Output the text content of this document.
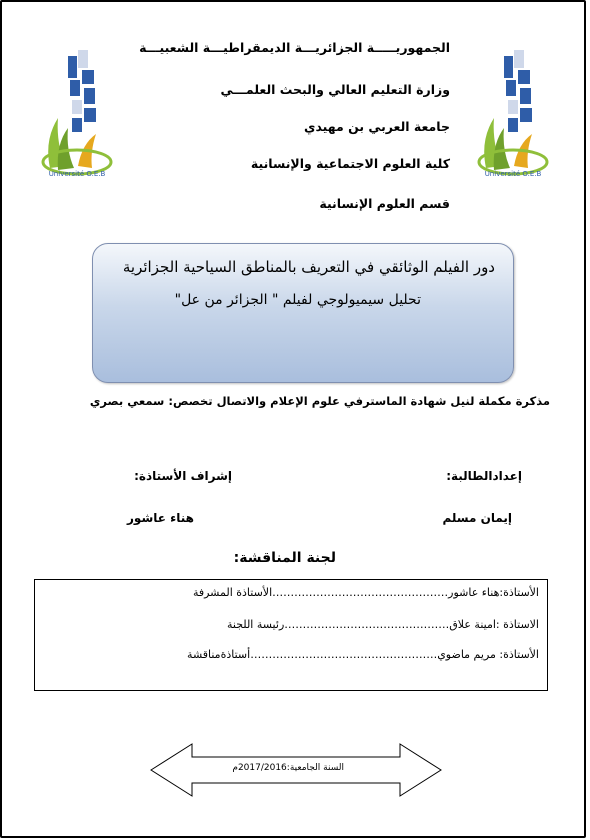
Université O.E.B	Université O.E.B
الجمهوريـــــة الجزائريـــة الديمقراطيـــة الشعبيـــة
وزارة التعليم العالي والبحث العلمـــي
جامعة العربي بن مهيدي
كلية العلوم الاجتماعية والإنسانية
قسم العلوم الإنسانية
دور الفيلم الوثائقي في التعريف بالمناطق السياحية الجزائرية
تحليل سيميولوجي لفيلم " الجزائر من عل"
مذكرة مكملة لنيل شهادة الماسترفي علوم الإعلام والاتصال تخصص: سمعي بصري
إعدادالطالبة:
إشراف الأستاذة:
إيمان مسلم
هناء عاشور
لجنة المناقشة:
الأستاذة:هناء عاشور…………………………………………الأستاذة المشرفة
الاستاذة :امينة علاق………………………………………رئيسة اللجنة
الأستاذة: مريم ماضوي……………………………………………أستاذةمناقشة
السنة الجامعية:2017/2016م
